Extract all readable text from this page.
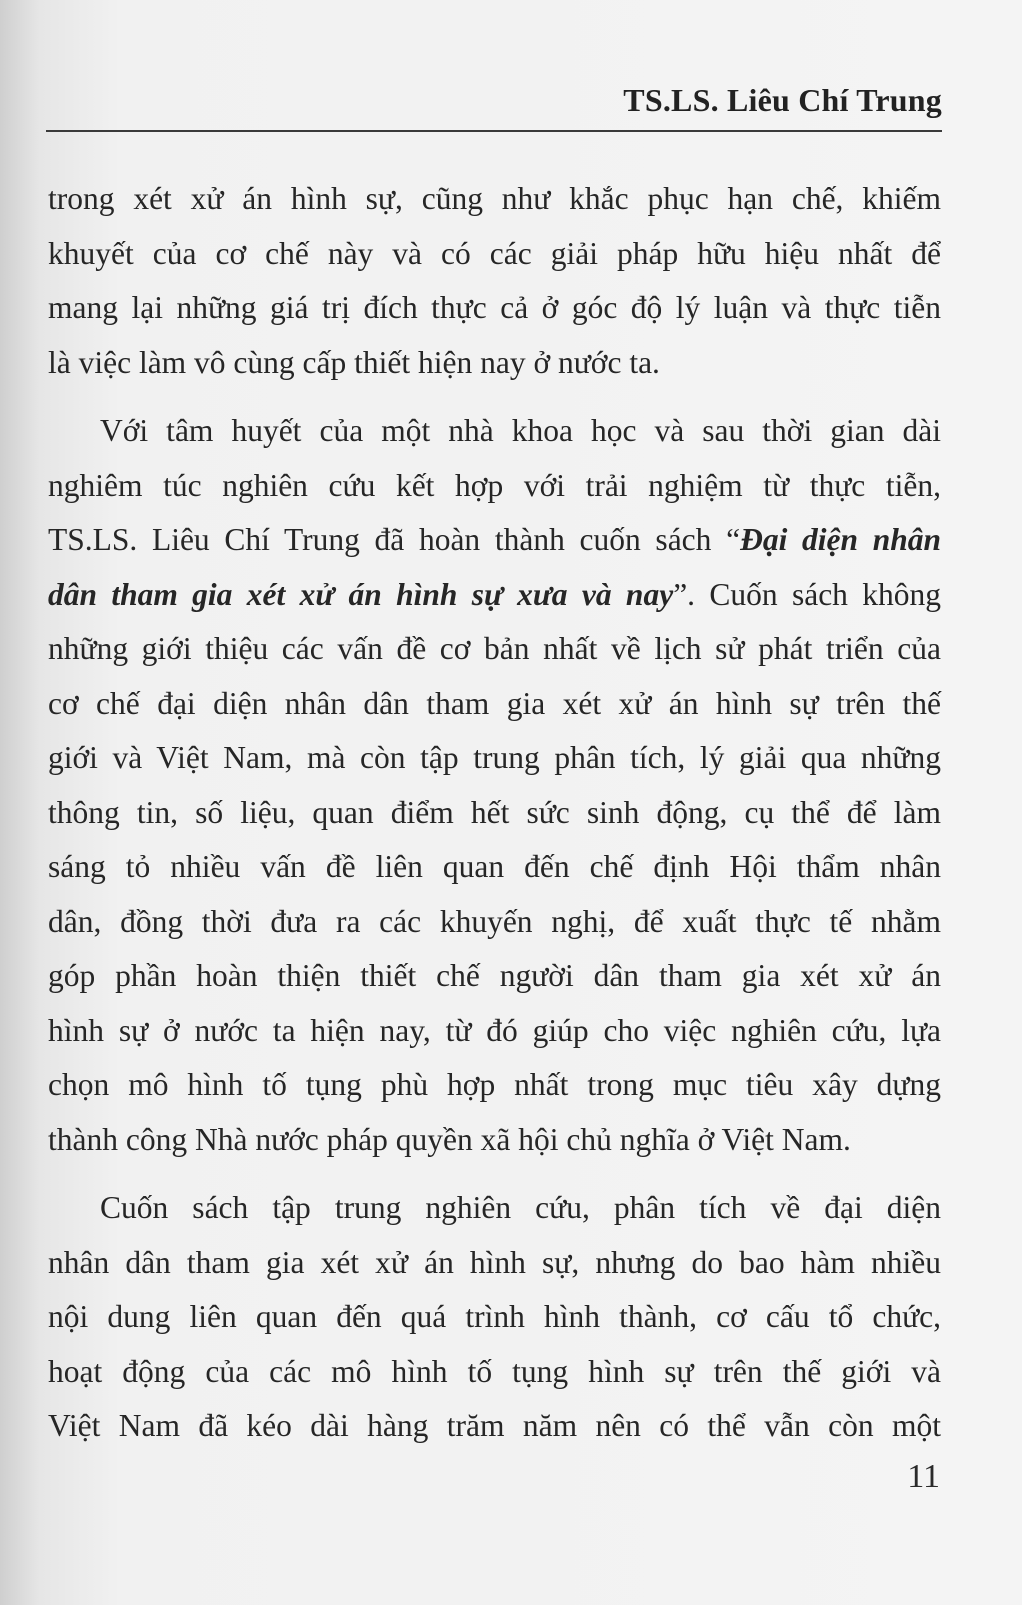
TS.LS. Liêu Chí Trung
trong xét xử án hình sự, cũng như khắc phục hạn chế, khiếm
khuyết của cơ chế này và có các giải pháp hữu hiệu nhất để
mang lại những giá trị đích thực cả ở góc độ lý luận và thực tiễn
là việc làm vô cùng cấp thiết hiện nay ở nước ta.
Với tâm huyết của một nhà khoa học và sau thời gian dài
nghiêm túc nghiên cứu kết hợp với trải nghiệm từ thực tiễn,
TS.LS. Liêu Chí Trung đã hoàn thành cuốn sách “Đại diện nhân
dân tham gia xét xử án hình sự xưa và nay”. Cuốn sách không
những giới thiệu các vấn đề cơ bản nhất về lịch sử phát triển của
cơ chế đại diện nhân dân tham gia xét xử án hình sự trên thế
giới và Việt Nam, mà còn tập trung phân tích, lý giải qua những
thông tin, số liệu, quan điểm hết sức sinh động, cụ thể để làm
sáng tỏ nhiều vấn đề liên quan đến chế định Hội thẩm nhân
dân, đồng thời đưa ra các khuyến nghị, để xuất thực tế nhằm
góp phần hoàn thiện thiết chế người dân tham gia xét xử án
hình sự ở nước ta hiện nay, từ đó giúp cho việc nghiên cứu, lựa
chọn mô hình tố tụng phù hợp nhất trong mục tiêu xây dựng
thành công Nhà nước pháp quyền xã hội chủ nghĩa ở Việt Nam.
Cuốn sách tập trung nghiên cứu, phân tích về đại diện
nhân dân tham gia xét xử án hình sự, nhưng do bao hàm nhiều
nội dung liên quan đến quá trình hình thành, cơ cấu tổ chức,
hoạt động của các mô hình tố tụng hình sự trên thế giới và
Việt Nam đã kéo dài hàng trăm năm nên có thể vẫn còn một
11
